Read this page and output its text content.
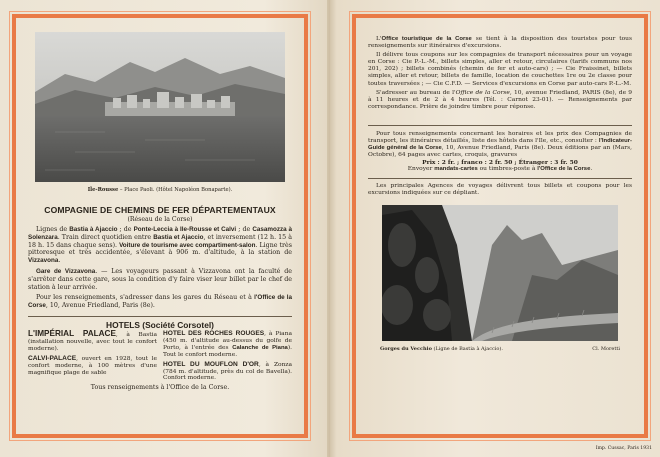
Ile-Rousse – Place Paoli. (Hôtel Napoléon Bonaparte).
COMPAGNIE DE CHEMINS DE FER DÉPARTEMENTAUX
(Réseau de la Corse)

Lignes de Bastia à Ajaccio ; de Ponte-Leccia à Ile-Rousse et Calvi ; de Casamozza à Solenzara. Train direct quotidien entre Bastia et Ajaccio, et inversement (12 h. 15 à 18 h. 15 dans chaque sens). Voiture de tourisme avec compartiment-salon. Ligne très pittoresque et très accidentée, s'élevant à 906 m. d'altitude, à la station de Vizzavona.

Gare de Vizzavona. — Les voyageurs passant à Vizzavona ont la faculté de s'arrêter dans cette gare, sous la condition d'y faire viser leur billet par le chef de station à leur arrivée.

Pour les renseignements, s'adresser dans les gares du Réseau et à l'Office de la Corse, 10, Avenue Friedland, Paris (8e).

HOTELS (Société Corsotel)
L'IMPÉRIAL PALACE, à Bastia (installation nouvelle, avec tout le confort moderne).
CALVI-PALACE, ouvert en 1928, tout le confort moderne, à 100 mètres d'une magnifique plage de sable
HOTEL DES ROCHES ROUGES, à Piana (450 m. d'altitude au-dessus du golfe de Porto, à l'entrée des Calanche de Piana). Tout le confort moderne.
HOTEL DU MOUFLON D'OR, à Zonza (784 m. d'altitude, près du col de Bavella). Confort moderne.
Tous renseignements à l'Office de la Corse.

L'Office touristique de la Corse se tient à la disposition des touristes pour tous renseignements sur itinéraires d'excursions.

Il délivre tous coupons sur les compagnies de transport nécessaires pour un voyage en Corse : Cie P.-L.-M., billets simples, aller et retour, circulaires (tarifs communs nos 201, 202) ; billets combinés (chemin de fer et auto-cars) ; — Cie Fraissinet, billets simples, aller et retour, billets de famille, location de couchettes 1re ou 2e classe pour toutes traversées ; — Cie C.F.D. — Services d'excursions en Corse par auto-cars P.-L.-M.

S'adresser au bureau de l'Office de la Corse, 10, avenue Friedland, PARIS (8e), de 9 à 11 heures et de 2 à 4 heures (Tél. : Carnot 23-01). — Renseignements par correspondance. Prière de joindre timbre pour réponse.

Pour tous renseignements concernant les horaires et les prix des Compagnies de transport, les itinéraires détaillés, liste des hôtels dans l'Ile, etc., consulter : l'Indicateur-Guide général de la Corse, 10, Avenue Friedland, Paris (8e). Deux éditions par an (Mars, Octobre), 64 pages avec cartes, croquis, gravures

Prix : 2 fr. ; franco : 2 fr. 50 ; Étranger : 3 fr. 50

Envoyer mandats-cartes ou timbres-poste à l'Office de la Corse.

Les principales Agences de voyages délivrent tous billets et coupons pour les excursions indiquées sur ce dépliant.

Gorges du Vecchio (Ligne de Bastia à Ajaccio).	Cl. Moretti
Imp. Cussac, Paris 1931
